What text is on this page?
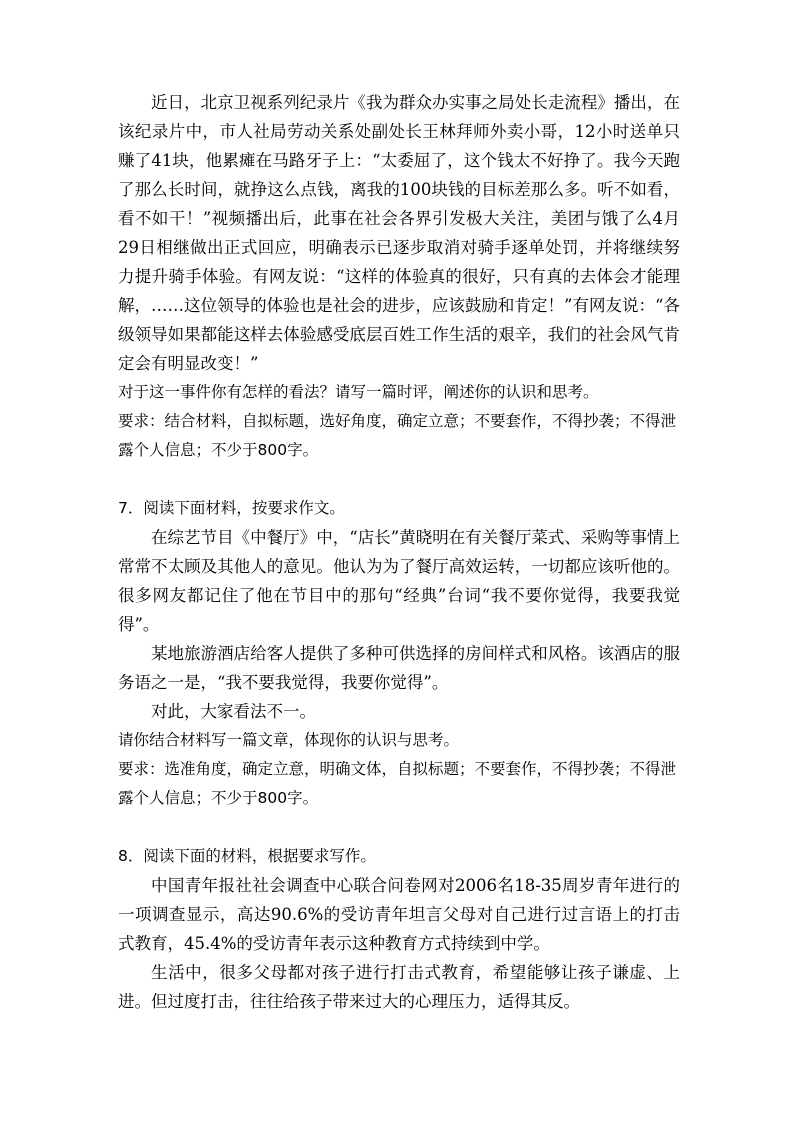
近日，北京卫视系列纪录片《我为群众办实事之局处长走流程》播出，在该纪录片中，市人社局劳动关系处副处长王林拜师外卖小哥，12小时送单只赚了41块，他累瘫在马路牙子上：“太委屈了，这个钱太不好挣了。我今天跑了那么长时间，就挣这么点钱，离我的100块钱的目标差那么多。听不如看，看不如干！”视频播出后，此事在社会各界引发极大关注，美团与饿了么4月29日相继做出正式回应，明确表示已逐步取消对骑手逐单处罚，并将继续努力提升骑手体验。有网友说：“这样的体验真的很好，只有真的去体会才能理解，……这位领导的体验也是社会的进步，应该鼓励和肯定！”有网友说：“各级领导如果都能这样去体验感受底层百姓工作生活的艰辛，我们的社会风气肯定会有明显改变！”

对于这一事件你有怎样的看法？请写一篇时评，阐述你的认识和思考。

要求：结合材料，自拟标题，选好角度，确定立意；不要套作，不得抄袭；不得泄露个人信息；不少于800字。

7．阅读下面材料，按要求作文。

在综艺节目《中餐厅》中，“店长”黄晓明在有关餐厅菜式、采购等事情上常常不太顾及其他人的意见。他认为为了餐厅高效运转，一切都应该听他的。很多网友都记住了他在节目中的那句“经典”台词“我不要你觉得，我要我觉得”。

某地旅游酒店给客人提供了多种可供选择的房间样式和风格。该酒店的服务语之一是，“我不要我觉得，我要你觉得”。

对此，大家看法不一。

请你结合材料写一篇文章，体现你的认识与思考。

要求：选准角度，确定立意，明确文体，自拟标题；不要套作，不得抄袭；不得泄露个人信息；不少于800字。

8．阅读下面的材料，根据要求写作。

中国青年报社社会调查中心联合问卷网对2006名18-35周岁青年进行的一项调查显示，高达90.6%的受访青年坦言父母对自己进行过言语上的打击式教育，45.4%的受访青年表示这种教育方式持续到中学。

生活中，很多父母都对孩子进行打击式教育，希望能够让孩子谦虚、上进。但过度打击，往往给孩子带来过大的心理压力，适得其反。
